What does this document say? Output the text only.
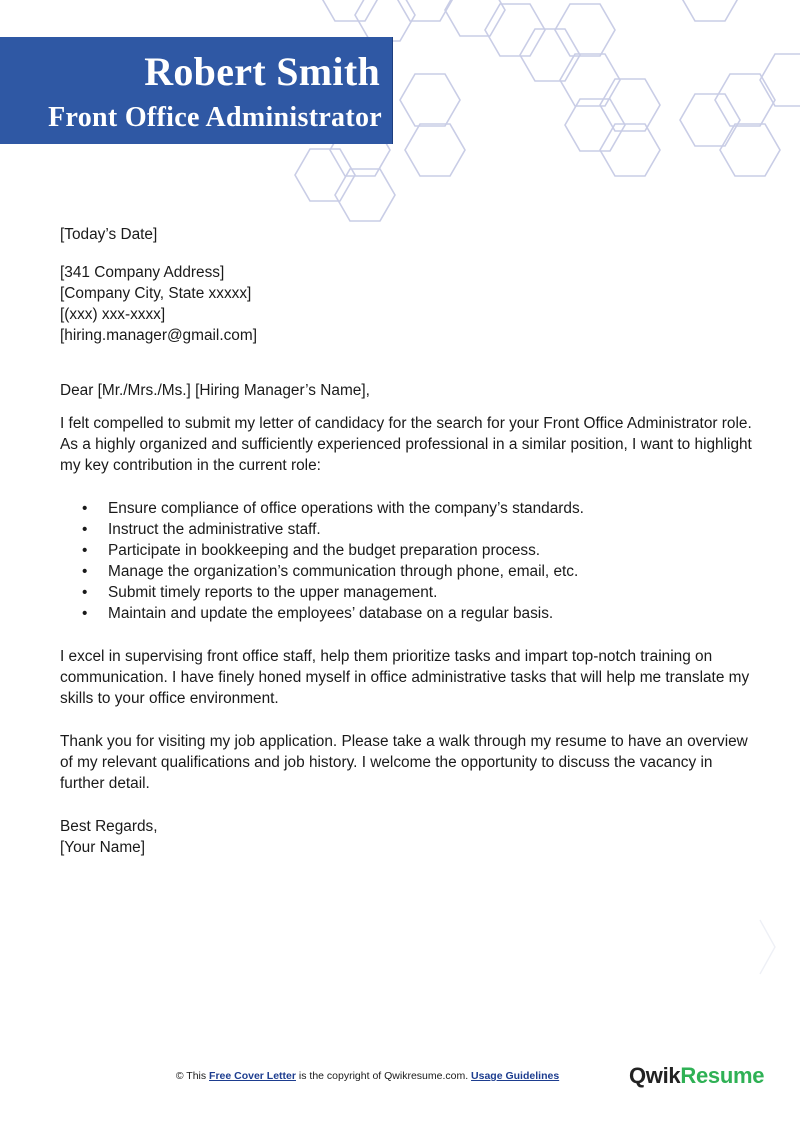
Robert Smith
Front Office Administrator

[Today’s Date]

[341 Company Address]
[Company City, State xxxxx]
[(xxx) xxx-xxxx]
[hiring.manager@gmail.com]

Dear [Mr./Mrs./Ms.] [Hiring Manager’s Name],

I felt compelled to submit my letter of candidacy for the search for your Front Office Administrator role. As a highly organized and sufficiently experienced professional in a similar position, I want to highlight my key contribution in the current role:

• Ensure compliance of office operations with the company’s standards.
• Instruct the administrative staff.
• Participate in bookkeeping and the budget preparation process.
• Manage the organization’s communication through phone, email, etc.
• Submit timely reports to the upper management.
• Maintain and update the employees’ database on a regular basis.

I excel in supervising front office staff, help them prioritize tasks and impart top-notch training on communication. I have finely honed myself in office administrative tasks that will help me translate my skills to your office environment.

Thank you for visiting my job application. Please take a walk through my resume to have an overview of my relevant qualifications and job history. I welcome the opportunity to discuss the vacancy in further detail.

Best Regards,
[Your Name]
© This Free Cover Letter is the copyright of Qwikresume.com. Usage Guidelines	QwikResume
